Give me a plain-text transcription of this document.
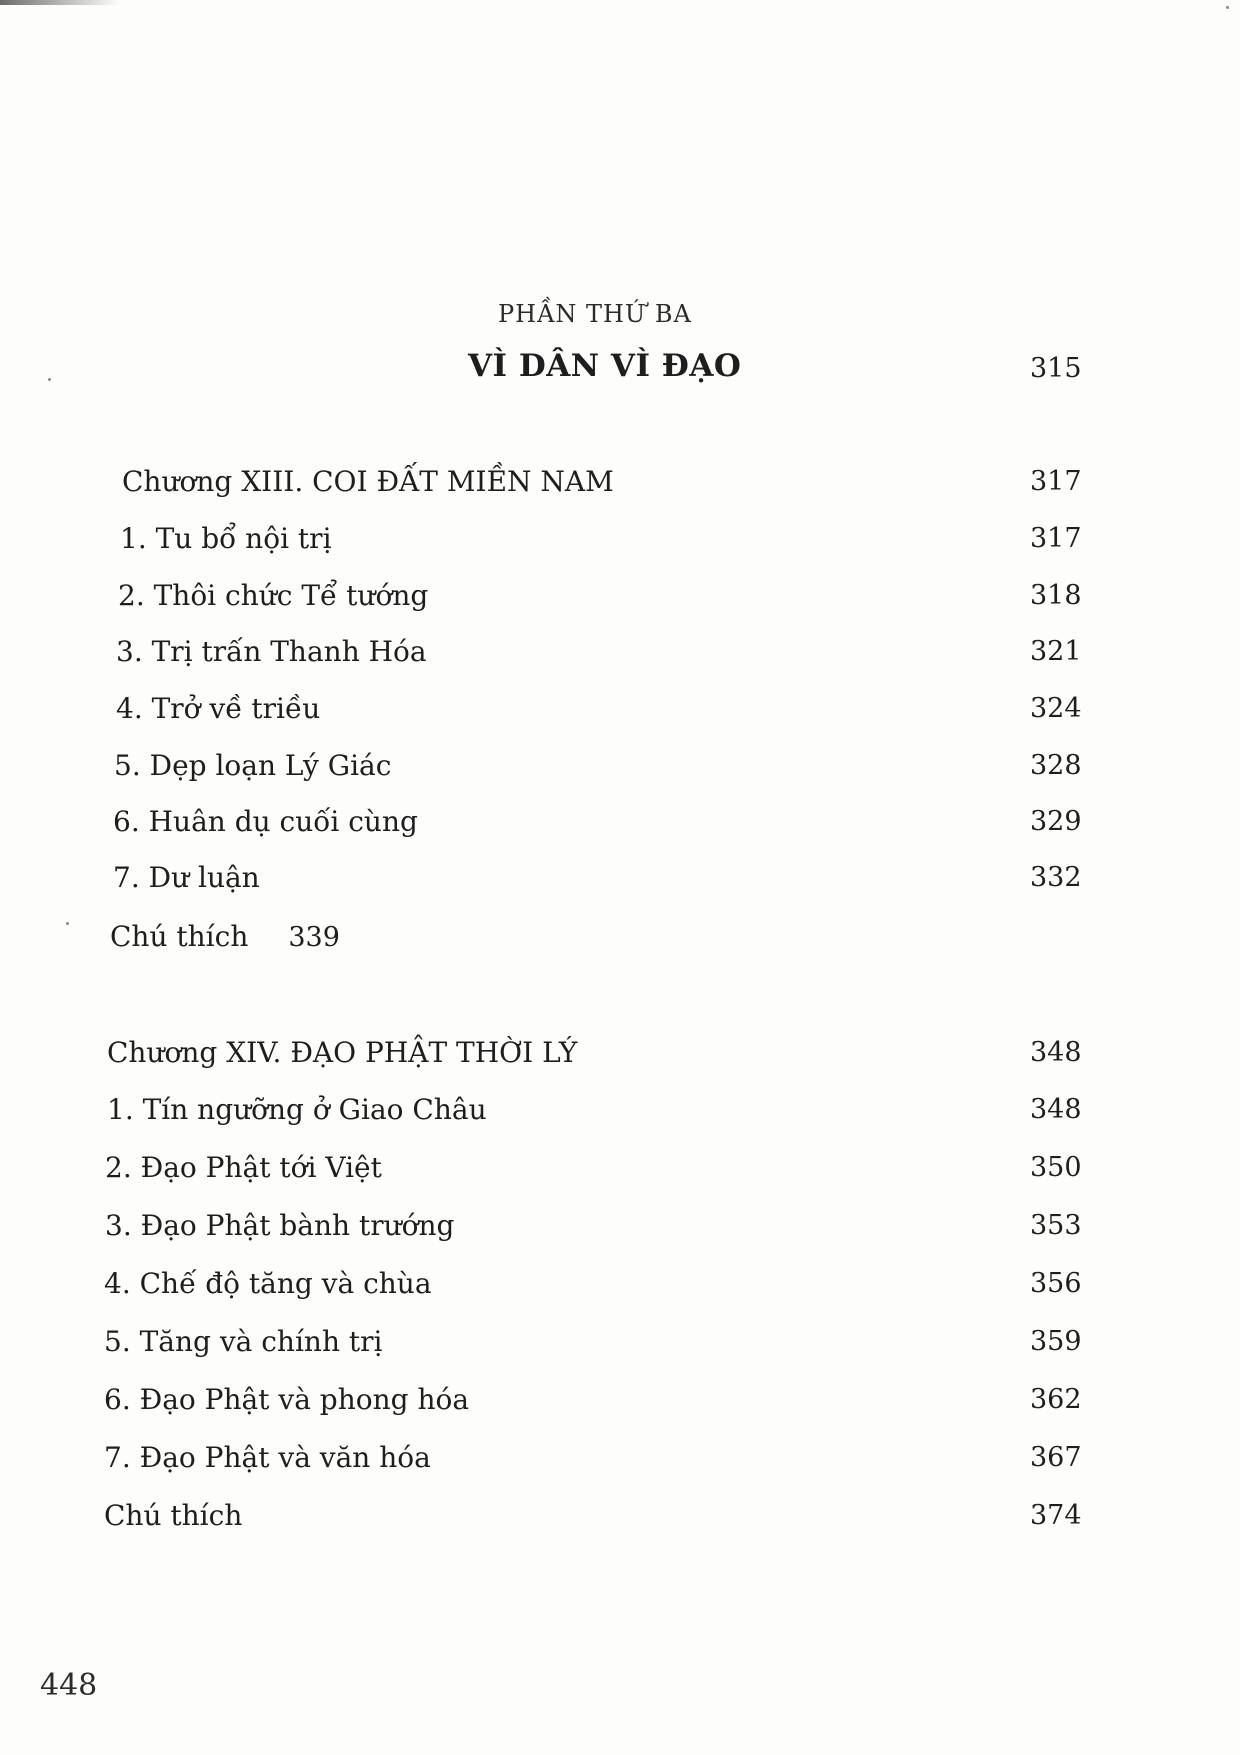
PHẦN THỨ BA
VÌ DÂN VÌ ĐẠO	315
Chương XIII. COI ĐẤT MIỀN NAM	317
1. Tu bổ nội trị	317
2. Thôi chức Tể tướng	318
3. Trị trấn Thanh Hóa	321
4. Trở về triều	324
5. Dẹp loạn Lý Giác	328
6. Huân dụ cuối cùng	329
7. Dư luận	332
Chú thích 339
Chương XIV. ĐẠO PHẬT THỜI LÝ	348
1. Tín ngưỡng ở Giao Châu	348
2. Đạo Phật tới Việt	350
3. Đạo Phật bành trướng	353
4. Chế độ tăng và chùa	356
5. Tăng và chính trị	359
6. Đạo Phật và phong hóa	362
7. Đạo Phật và văn hóa	367
Chú thích	374
448
